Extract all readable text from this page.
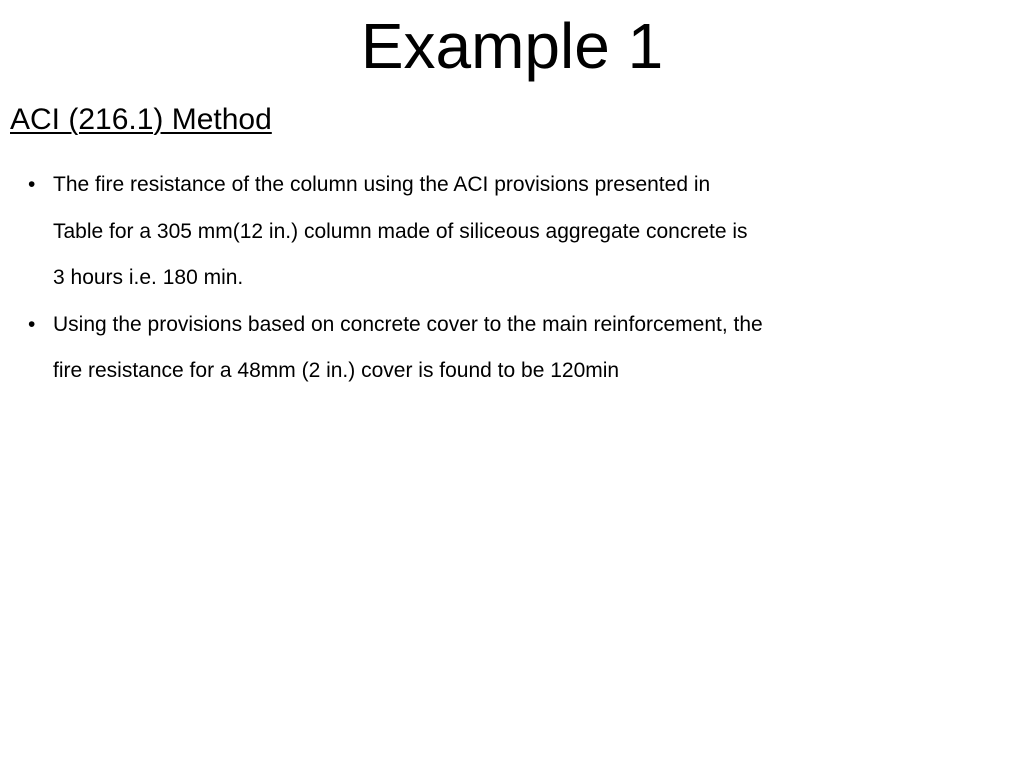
Example 1
ACI (216.1) Method
• The fire resistance of the column using the ACI provisions presented in
Table for a 305 mm(12 in.) column made of siliceous aggregate concrete is
3 hours i.e. 180 min.
• Using the provisions based on concrete cover to the main reinforcement, the
fire resistance for a 48mm (2 in.) cover is found to be 120min
